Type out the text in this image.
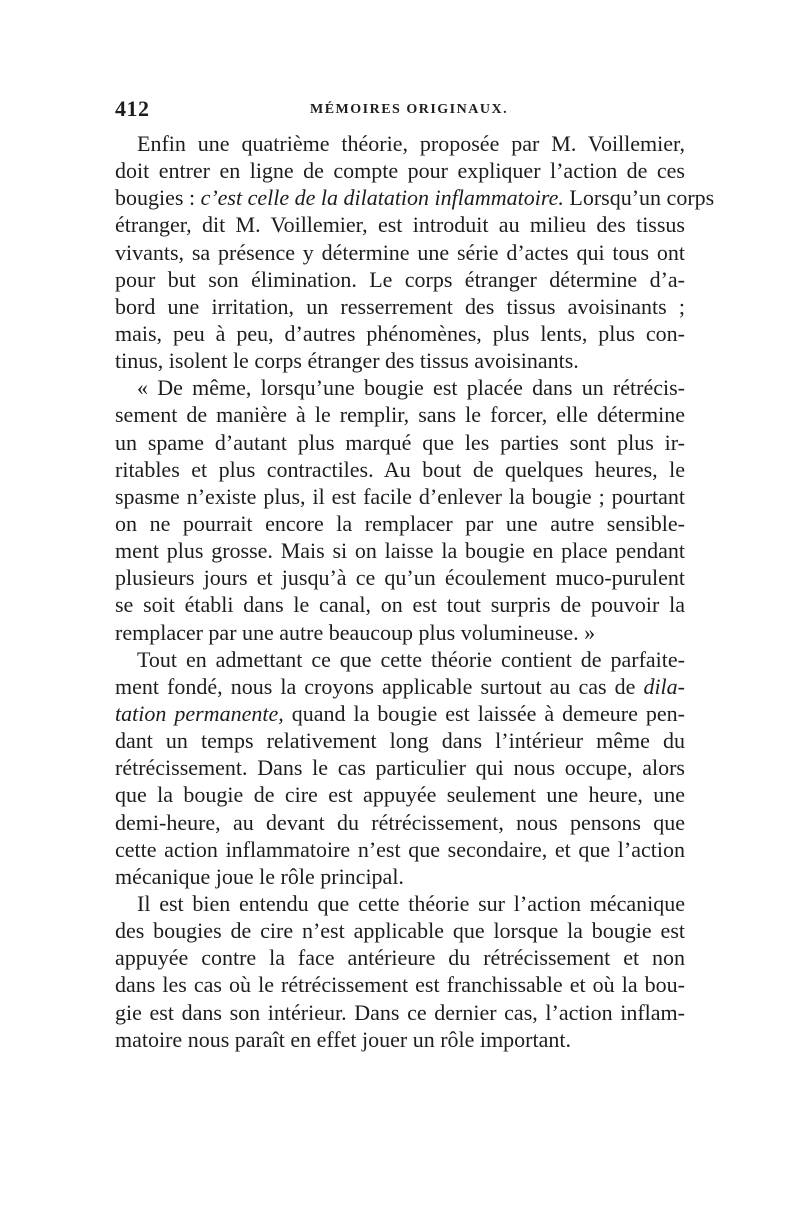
412	MÉMOIRES ORIGINAUX.
Enfin une quatrième théorie, proposée par M. Voillemier,
doit entrer en ligne de compte pour expliquer l’action de ces
bougies : c’est celle de la dilatation inflammatoire. Lorsqu’un corps
étranger, dit M. Voillemier, est introduit au milieu des tissus
vivants, sa présence y détermine une série d’actes qui tous ont
pour but son élimination. Le corps étranger détermine d’a-
bord une irritation, un resserrement des tissus avoisinants ;
mais, peu à peu, d’autres phénomènes, plus lents, plus con-
tinus, isolent le corps étranger des tissus avoisinants.
« De même, lorsqu’une bougie est placée dans un rétrécis-
sement de manière à le remplir, sans le forcer, elle détermine
un spame d’autant plus marqué que les parties sont plus ir-
ritables et plus contractiles. Au bout de quelques heures, le
spasme n’existe plus, il est facile d’enlever la bougie ; pourtant
on ne pourrait encore la remplacer par une autre sensible-
ment plus grosse. Mais si on laisse la bougie en place pendant
plusieurs jours et jusqu’à ce qu’un écoulement muco-purulent
se soit établi dans le canal, on est tout surpris de pouvoir la
remplacer par une autre beaucoup plus volumineuse. »
Tout en admettant ce que cette théorie contient de parfaite-
ment fondé, nous la croyons applicable surtout au cas de dila-
tation permanente, quand la bougie est laissée à demeure pen-
dant un temps relativement long dans l’intérieur même du
rétrécissement. Dans le cas particulier qui nous occupe, alors
que la bougie de cire est appuyée seulement une heure, une
demi-heure, au devant du rétrécissement, nous pensons que
cette action inflammatoire n’est que secondaire, et que l’action
mécanique joue le rôle principal.
Il est bien entendu que cette théorie sur l’action mécanique
des bougies de cire n’est applicable que lorsque la bougie est
appuyée contre la face antérieure du rétrécissement et non
dans les cas où le rétrécissement est franchissable et où la bou-
gie est dans son intérieur. Dans ce dernier cas, l’action inflam-
matoire nous paraît en effet jouer un rôle important.
